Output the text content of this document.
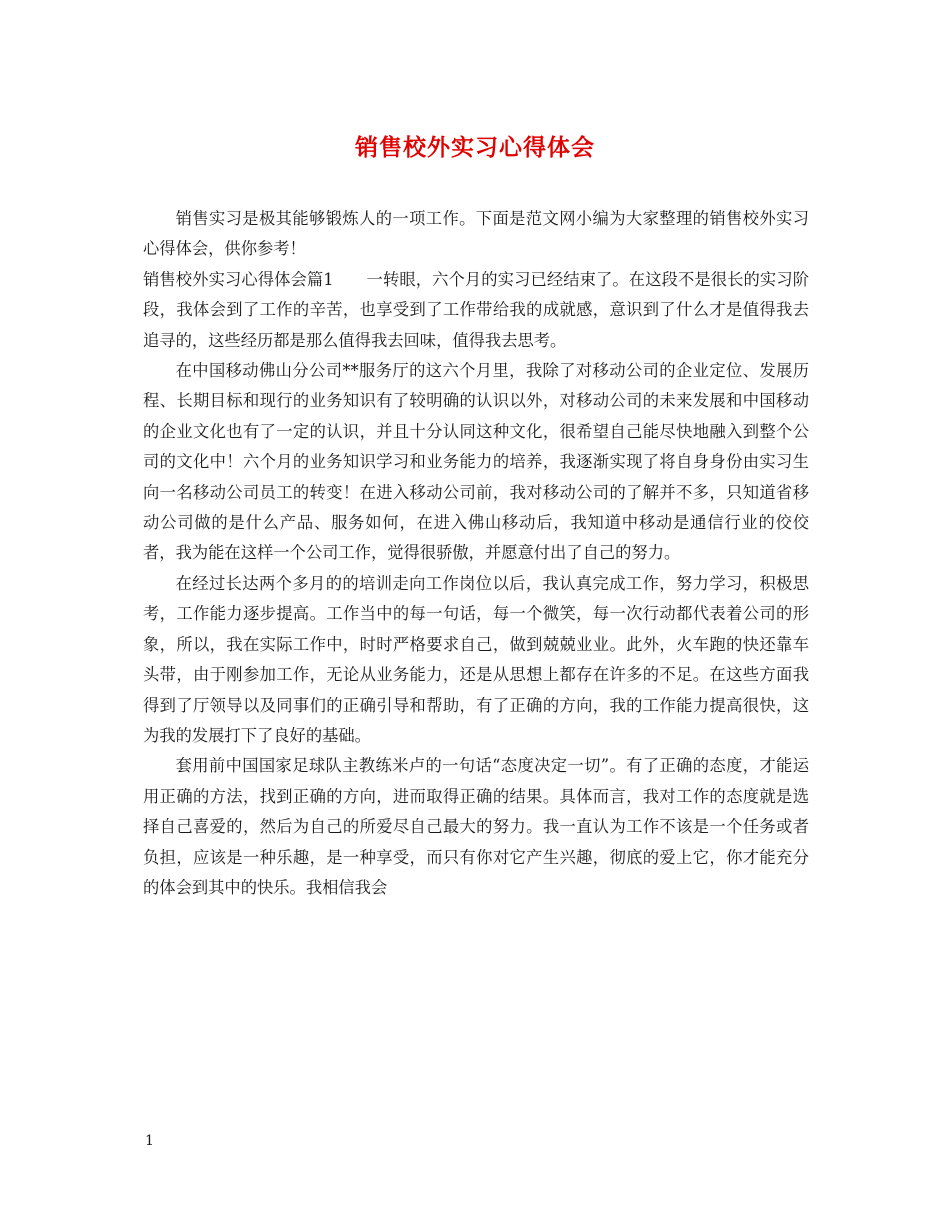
销售校外实习心得体会

销售实习是极其能够锻炼人的一项工作。下面是范文网小编为大家整理的销售校外实习心得体会，供你参考！

销售校外实习心得体会篇1　　一转眼，六个月的实习已经结束了。在这段不是很长的实习阶段，我体会到了工作的辛苦，也享受到了工作带给我的成就感，意识到了什么才是值得我去追寻的，这些经历都是那么值得我去回味，值得我去思考。

在中国移动佛山分公司**服务厅的这六个月里，我除了对移动公司的企业定位、发展历程、长期目标和现行的业务知识有了较明确的认识以外，对移动公司的未来发展和中国移动的企业文化也有了一定的认识，并且十分认同这种文化，很希望自己能尽快地融入到整个公司的文化中！六个月的业务知识学习和业务能力的培养，我逐渐实现了将自身身份由实习生向一名移动公司员工的转变！在进入移动公司前，我对移动公司的了解并不多，只知道省移动公司做的是什么产品、服务如何，在进入佛山移动后，我知道中移动是通信行业的佼佼者，我为能在这样一个公司工作，觉得很骄傲，并愿意付出了自己的努力。

在经过长达两个多月的的培训走向工作岗位以后，我认真完成工作，努力学习，积极思考，工作能力逐步提高。工作当中的每一句话，每一个微笑，每一次行动都代表着公司的形象，所以，我在实际工作中，时时严格要求自己，做到兢兢业业。此外，火车跑的快还靠车头带，由于刚参加工作，无论从业务能力，还是从思想上都存在许多的不足。在这些方面我得到了厅领导以及同事们的正确引导和帮助，有了正确的方向，我的工作能力提高很快，这为我的发展打下了良好的基础。

套用前中国国家足球队主教练米卢的一句话“态度决定一切”。有了正确的态度，才能运用正确的方法，找到正确的方向，进而取得正确的结果。具体而言，我对工作的态度就是选择自己喜爱的，然后为自己的所爱尽自己最大的努力。我一直认为工作不该是一个任务或者负担，应该是一种乐趣，是一种享受，而只有你对它产生兴趣，彻底的爱上它，你才能充分的体会到其中的快乐。我相信我会

1
